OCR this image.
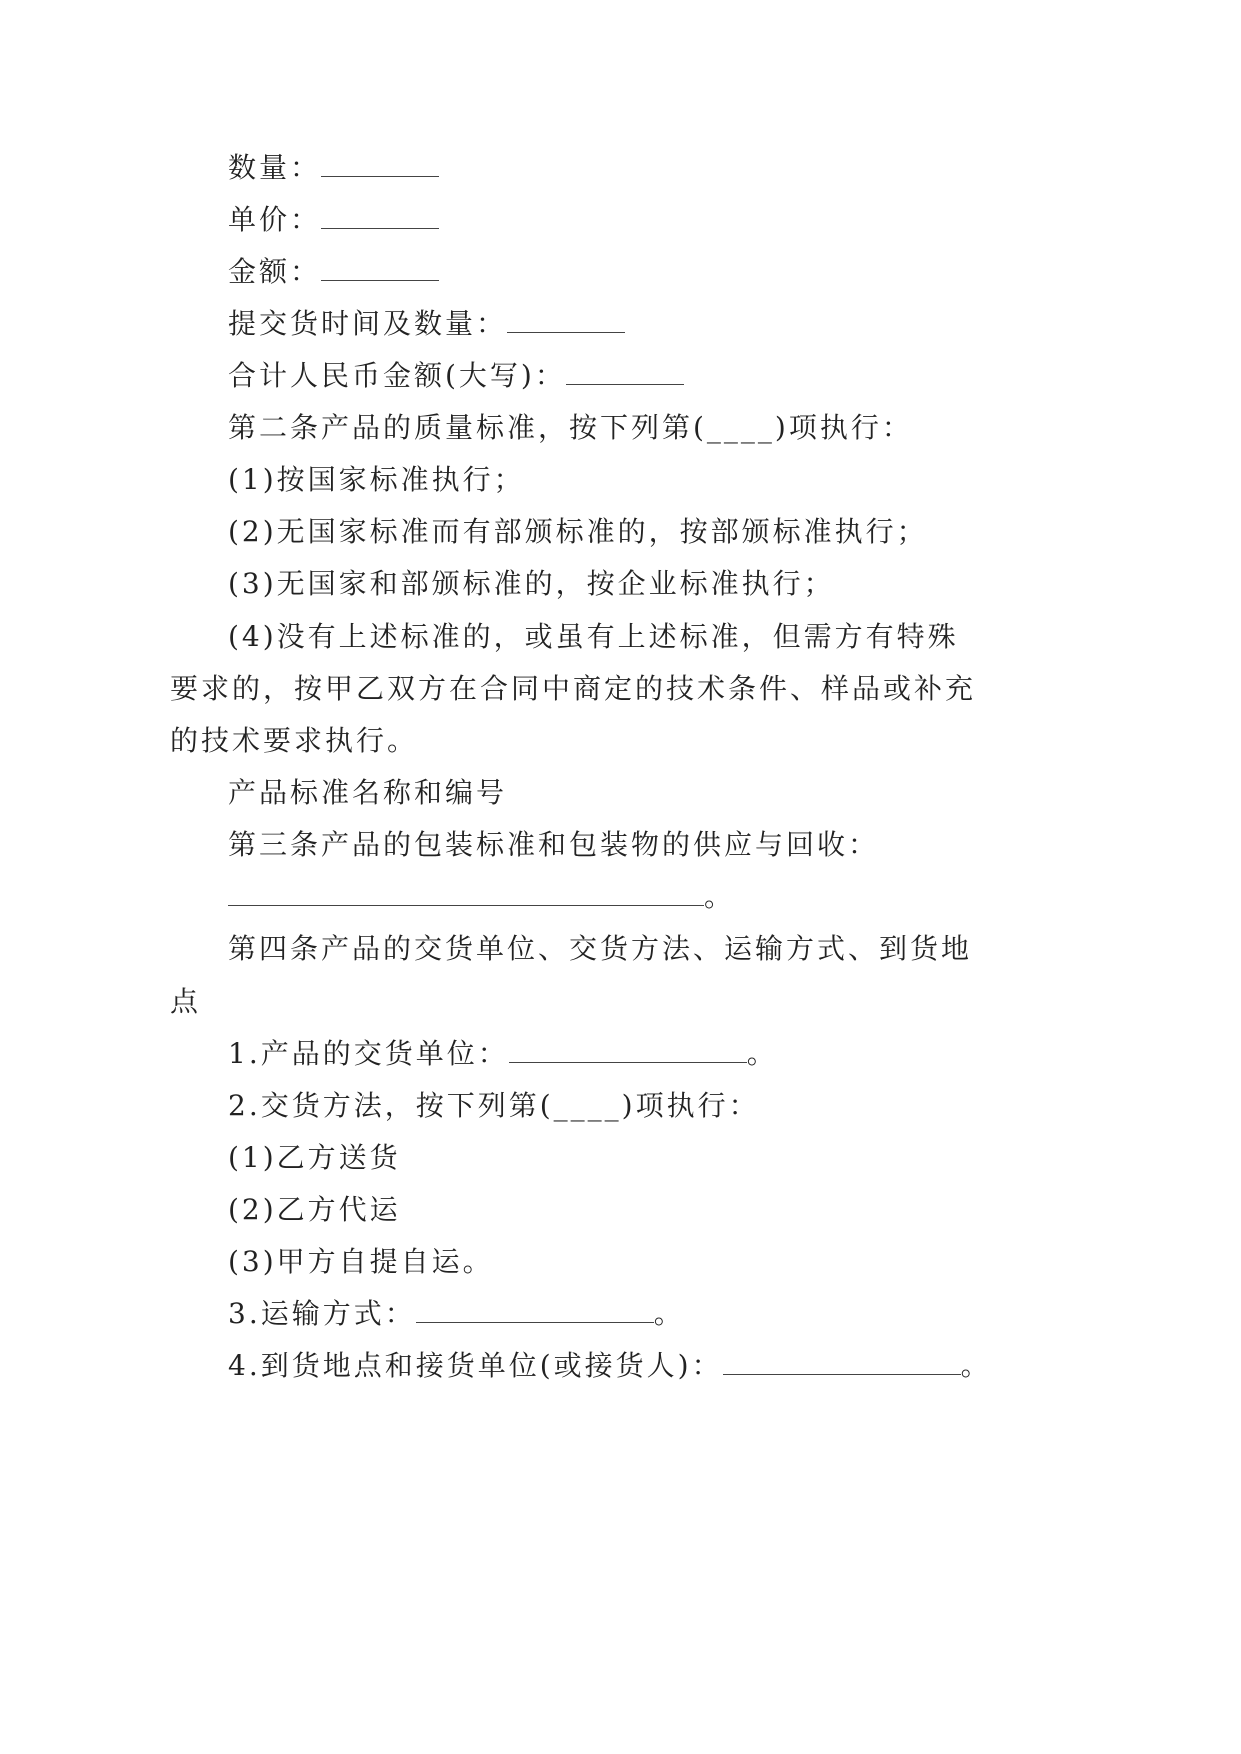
数量：
单价：
金额：
提交货时间及数量：
合计人民币金额(大写)：
第二条产品的质量标准，按下列第(____)项执行：
(1)按国家标准执行；
(2)无国家标准而有部颁标准的，按部颁标准执行；
(3)无国家和部颁标准的，按企业标准执行；
(4)没有上述标准的，或虽有上述标准，但需方有特殊
要求的，按甲乙双方在合同中商定的技术条件、样品或补充
的技术要求执行。
产品标准名称和编号
第三条产品的包装标准和包装物的供应与回收：
。
第四条产品的交货单位、交货方法、运输方式、到货地
点
1.产品的交货单位：	。
2.交货方法，按下列第(____)项执行：
(1)乙方送货
(2)乙方代运
(3)甲方自提自运。
3.运输方式：	。
4.到货地点和接货单位(或接货人)：	。
